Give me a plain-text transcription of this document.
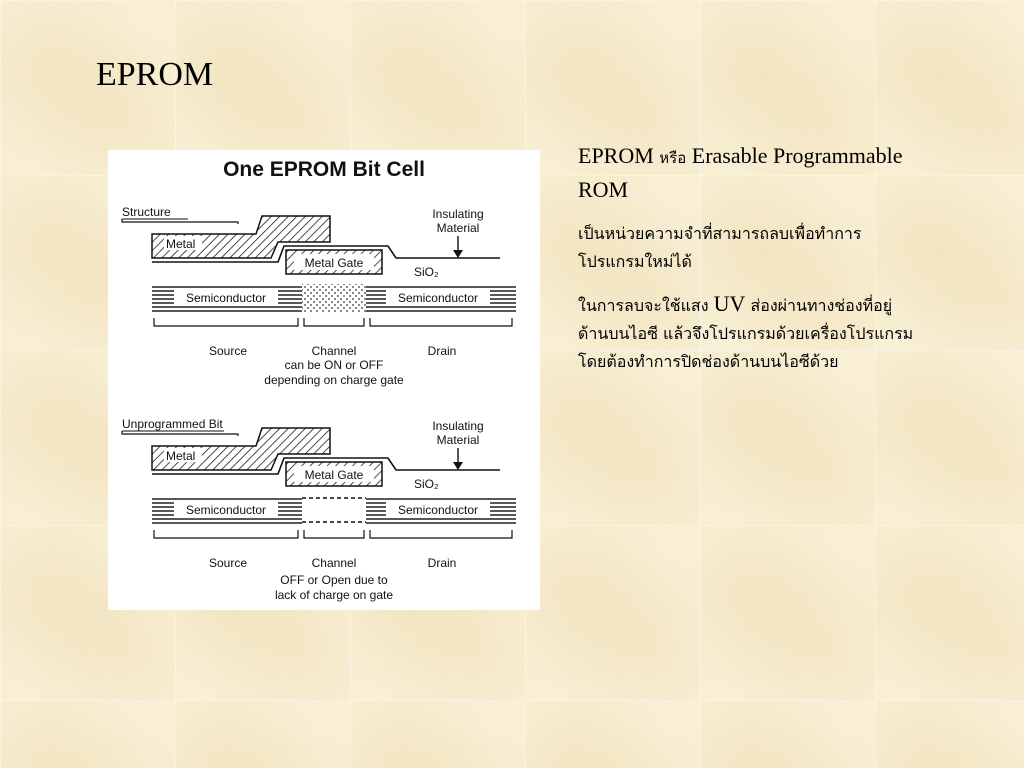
EPROM
One EPROM Bit Cell
Structure
Metal
Metal Gate
Insulating
Material
SiO₂
Semiconductor	Semiconductor
Source	Channel	Drain
can be ON or OFF
depending on charge gate
Unprogrammed Bit
Metal
Metal Gate
Insulating
Material
SiO₂
Semiconductor	Semiconductor
Source	Channel	Drain
OFF or Open due to
lack of charge on gate

EPROM หรือ Erasable Programmable ROM

เป็นหน่วยความจำที่สามารถลบเพื่อทำการโปรแกรมใหม่ได้

ในการลบจะใช้แสง UV ส่องผ่านทางช่องที่อยู่ด้านบนไอซี แล้วจึงโปรแกรมด้วยเครื่องโปรแกรมโดยต้องทำการปิดช่องด้านบนไอซีด้วย
